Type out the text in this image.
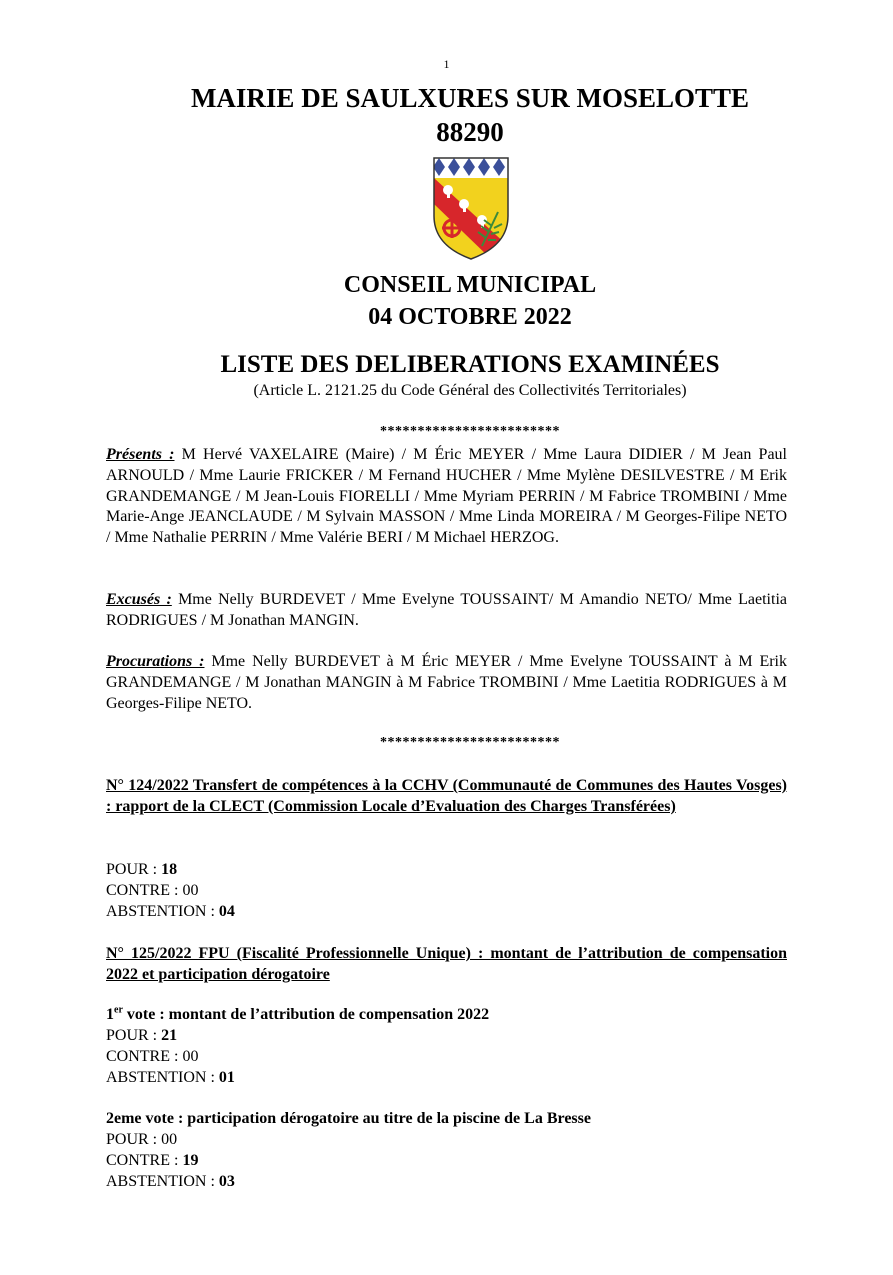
1
MAIRIE DE SAULXURES SUR MOSELOTTE
88290
CONSEIL MUNICIPAL
04 OCTOBRE 2022
LISTE DES DELIBERATIONS EXAMINÉES
(Article L. 2121.25 du Code Général des Collectivités Territoriales)
************************
Présents : M Hervé VAXELAIRE (Maire) / M Éric MEYER / Mme Laura DIDIER / M Jean Paul ARNOULD / Mme Laurie FRICKER / M Fernand HUCHER / Mme Mylène DESILVESTRE / M Erik GRANDEMANGE / M Jean-Louis FIORELLI / Mme Myriam PERRIN / M Fabrice TROMBINI / Mme Marie-Ange JEANCLAUDE / M Sylvain MASSON / Mme Linda MOREIRA / M Georges-Filipe NETO / Mme Nathalie PERRIN / Mme Valérie BERI / M Michael HERZOG.
Excusés : Mme Nelly BURDEVET / Mme Evelyne TOUSSAINT/ M Amandio NETO/ Mme Laetitia RODRIGUES / M Jonathan MANGIN.
Procurations : Mme Nelly BURDEVET à M Éric MEYER / Mme Evelyne TOUSSAINT à M Erik GRANDEMANGE / M Jonathan MANGIN à M Fabrice TROMBINI / Mme Laetitia RODRIGUES à M Georges-Filipe NETO.
************************
N° 124/2022 Transfert de compétences à la CCHV (Communauté de Communes des Hautes Vosges) : rapport de la CLECT (Commission Locale d’Evaluation des Charges Transférées)
POUR : 18
CONTRE : 00
ABSTENTION : 04
N° 125/2022 FPU (Fiscalité Professionnelle Unique) : montant de l’attribution de compensation 2022 et participation dérogatoire
1er vote : montant de l’attribution de compensation 2022
POUR : 21
CONTRE : 00
ABSTENTION : 01
2eme vote : participation dérogatoire au titre de la piscine de La Bresse
POUR : 00
CONTRE : 19
ABSTENTION : 03
